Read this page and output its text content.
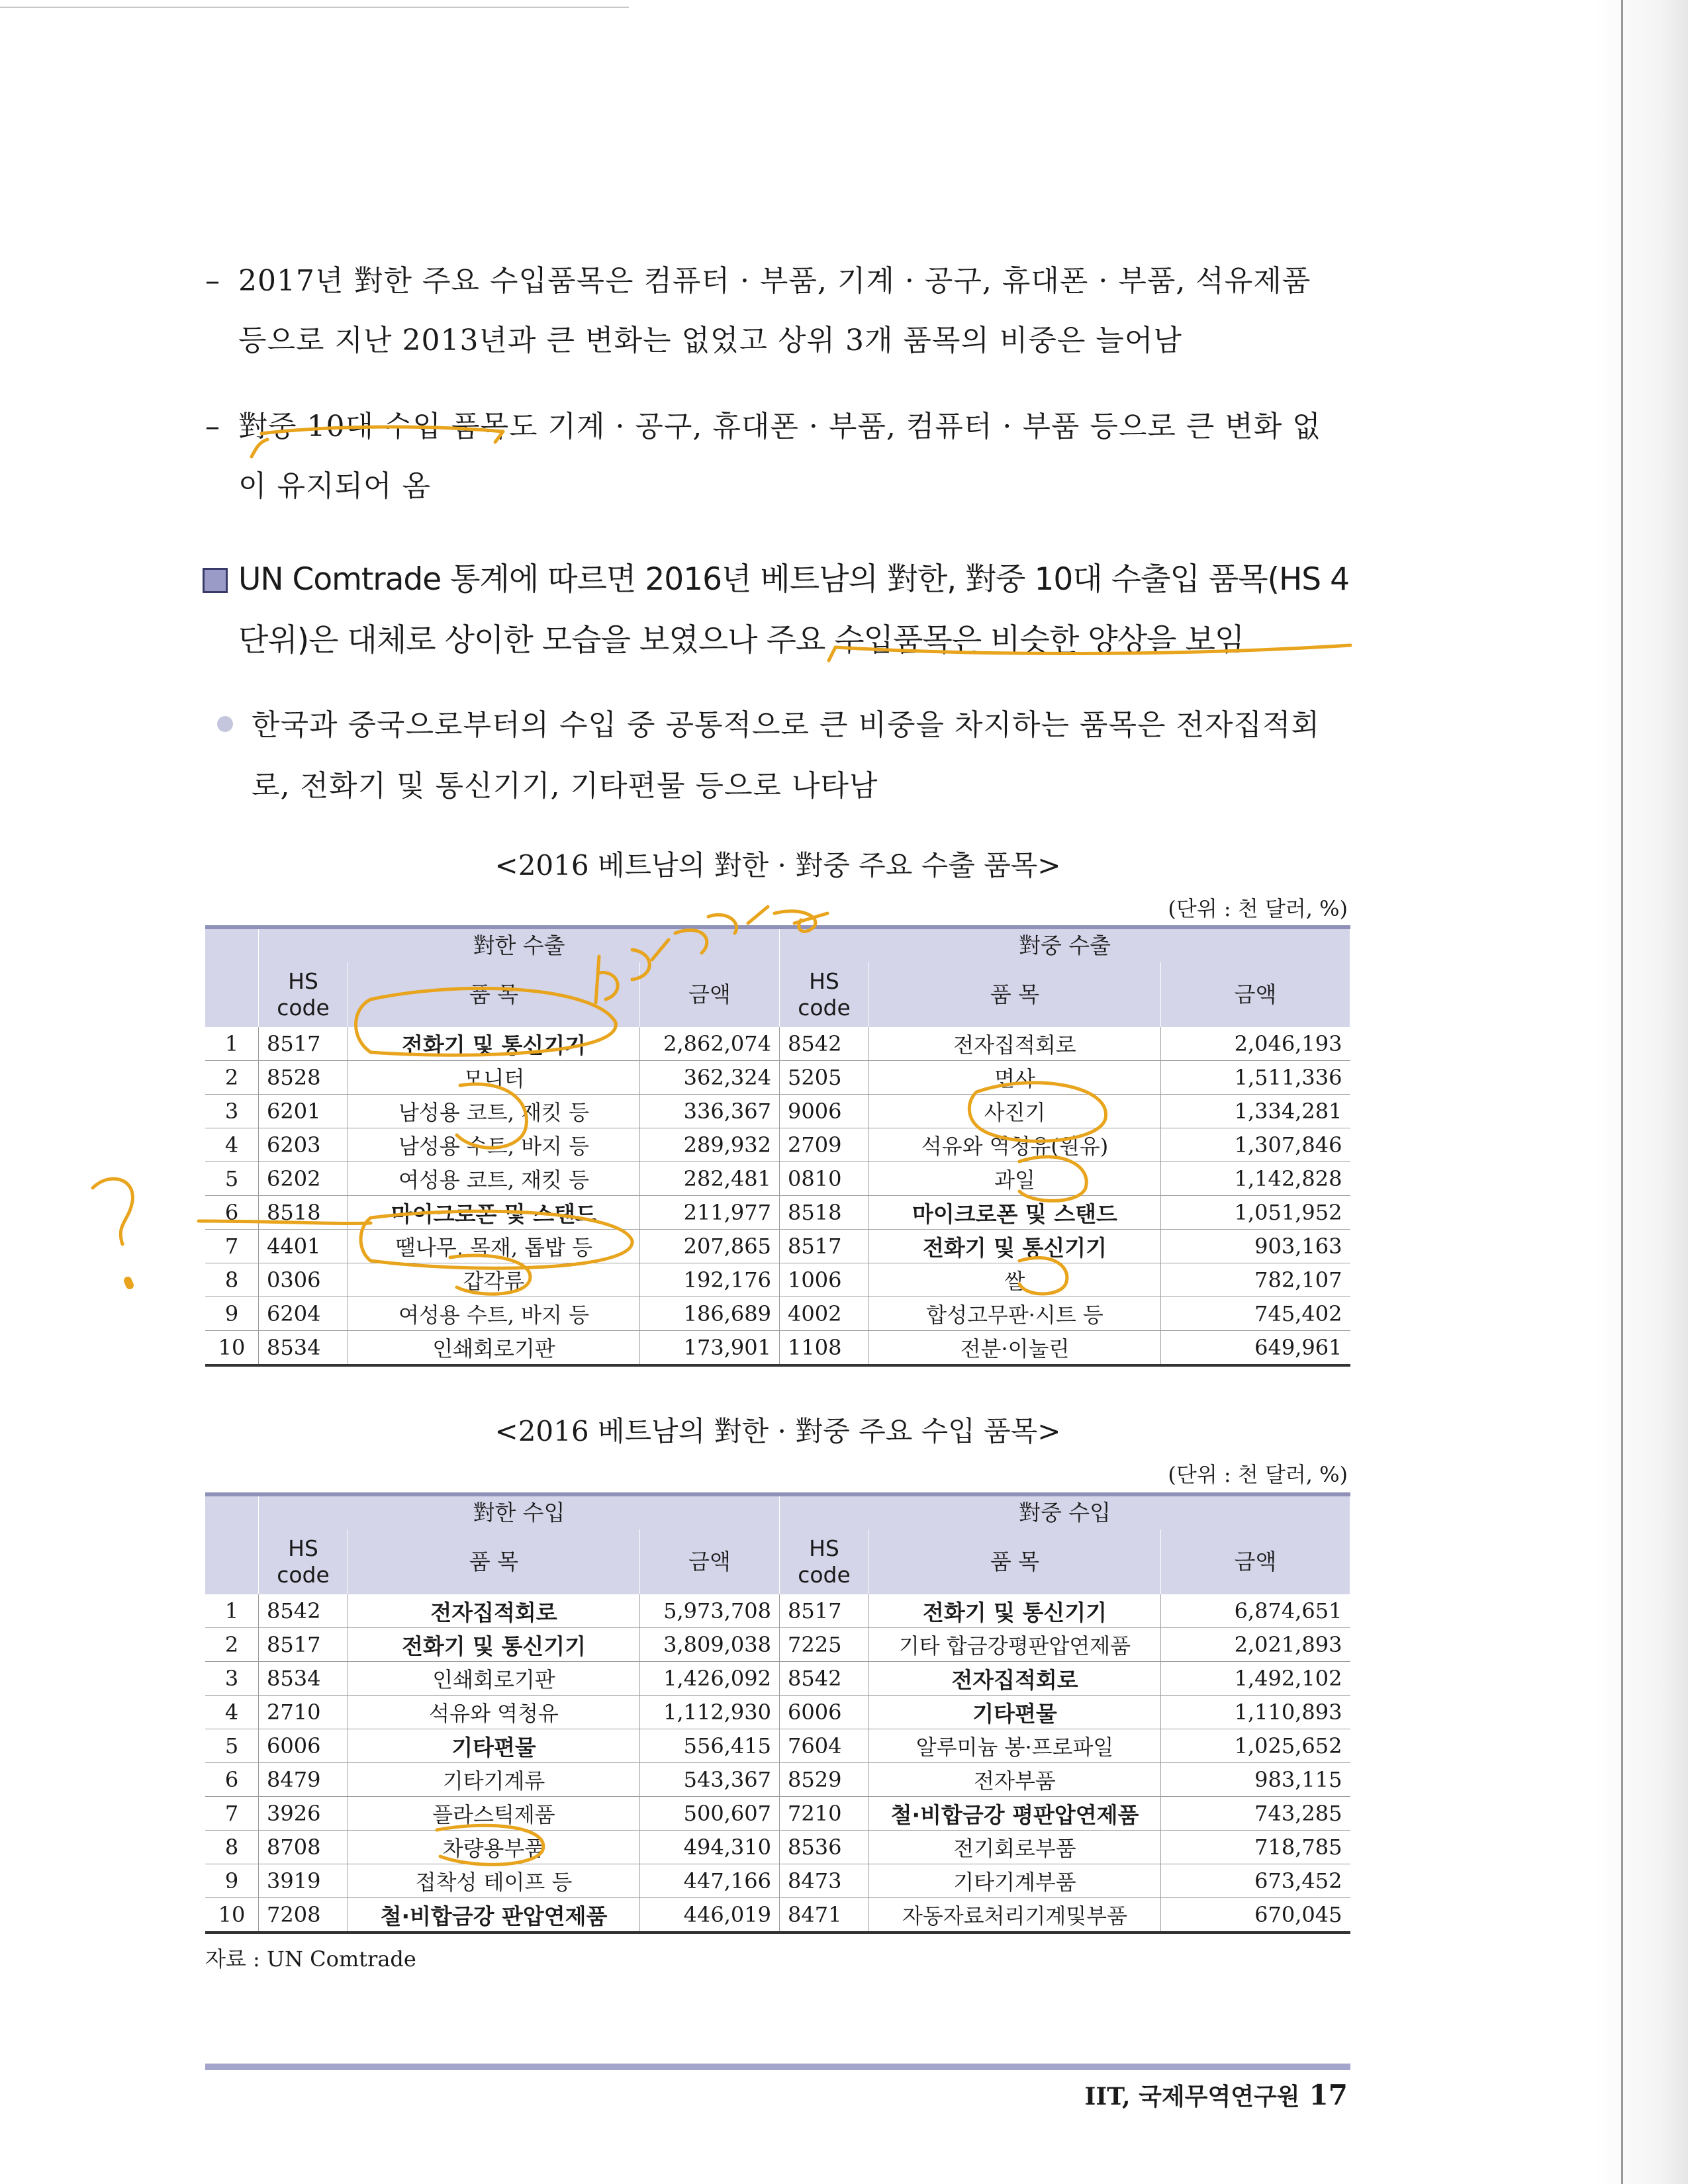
– 2017년 對한 주요 수입품목은 컴퓨터 · 부품, 기계 · 공구, 휴대폰 · 부품, 석유제품 등으로 지난 2013년과 큰 변화는 없었고 상위 3개 품목의 비중은 늘어남
– 對중 10대 수입 품목도 기계 · 공구, 휴대폰 · 부품, 컴퓨터 · 부품 등으로 큰 변화 없이 유지되어 옴
UN Comtrade 통계에 따르면 2016년 베트남의 對한, 對중 10대 수출입 품목(HS 4단위)은 대체로 상이한 모습을 보였으나 주요 수입품목은 비슷한 양상을 보임
한국과 중국으로부터의 수입 중 공통적으로 큰 비중을 차지하는 품목은 전자집적회로, 전화기 및 통신기기, 기타편물 등으로 나타남
<2016 베트남의 對한 · 對중 주요 수출 품목>
(단위 : 천 달러, %)
	對한 수출			對중 수출		
	HS code	품 목	금액	HS code	품 목	금액
1	8517	전화기 및 통신기기	2,862,074	8542	전자집적회로	2,046,193
2	8528	모니터	362,324	5205	면사	1,511,336
3	6201	남성용 코트, 재킷 등	336,367	9006	사진기	1,334,281
4	6203	남성용 수트, 바지 등	289,932	2709	석유와 역청유(원유)	1,307,846
5	6202	여성용 코트, 재킷 등	282,481	0810	과일	1,142,828
6	8518	마이크로폰 및 스탠드	211,977	8518	마이크로폰 및 스탠드	1,051,952
7	4401	땔나무, 목재, 톱밥 등	207,865	8517	전화기 및 통신기기	903,163
8	0306	갑각류	192,176	1006	쌀	782,107
9	6204	여성용 수트, 바지 등	186,689	4002	합성고무판·시트 등	745,402
10	8534	인쇄회로기판	173,901	1108	전분·이눌린	649,961
<2016 베트남의 對한 · 對중 주요 수입 품목>
(단위 : 천 달러, %)
	對한 수입			對중 수입		
	HS code	품 목	금액	HS code	품 목	금액
1	8542	전자집적회로	5,973,708	8517	전화기 및 통신기기	6,874,651
2	8517	전화기 및 통신기기	3,809,038	7225	기타 합금강평판압연제품	2,021,893
3	8534	인쇄회로기판	1,426,092	8542	전자집적회로	1,492,102
4	2710	석유와 역청유	1,112,930	6006	기타편물	1,110,893
5	6006	기타편물	556,415	7604	알루미늄 봉·프로파일	1,025,652
6	8479	기타기계류	543,367	8529	전자부품	983,115
7	3926	플라스틱제품	500,607	7210	철·비합금강 평판압연제품	743,285
8	8708	차량용부품	494,310	8536	전기회로부품	718,785
9	3919	접착성 테이프 등	447,166	8473	기타기계부품	673,452
10	7208	철·비합금강 판압연제품	446,019	8471	자동자료처리기계및부품	670,045
자료 : UN Comtrade
IIT, 국제무역연구원 17
